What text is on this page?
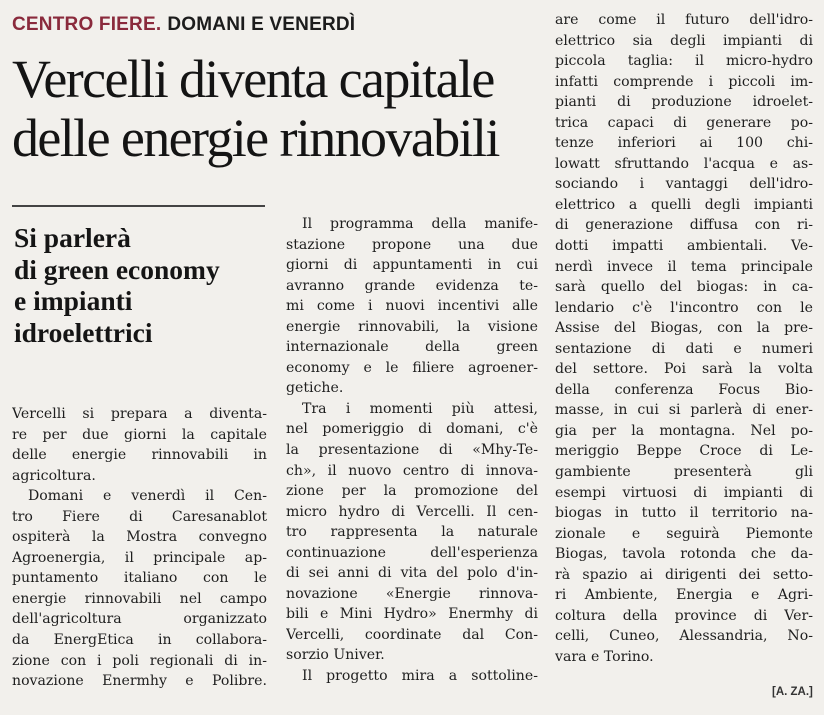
CENTRO FIERE. DOMANI E VENERDÌ
Vercelli diventa capitale
delle energie rinnovabili
Si parlerà
di green economy
e impianti
idroelettrici
Vercelli si prepara a diventa-
re per due giorni la capitale
delle energie rinnovabili in
agricoltura.
Domani e venerdì il Cen-
tro Fiere di Caresanablot
ospiterà la Mostra convegno
Agroenergia, il principale ap-
puntamento italiano con le
energie rinnovabili nel campo
dell'agricoltura organizzato
da EnergEtica in collabora-
zione con i poli regionali di in-
novazione Enermhy e Polibre.
Il programma della manife-
stazione propone una due
giorni di appuntamenti in cui
avranno grande evidenza te-
mi come i nuovi incentivi alle
energie rinnovabili, la visione
internazionale della green
economy e le filiere agroener-
getiche.
Tra i momenti più attesi,
nel pomeriggio di domani, c'è
la presentazione di «Mhy-Te-
ch», il nuovo centro di innova-
zione per la promozione del
micro hydro di Vercelli. Il cen-
tro rappresenta la naturale
continuazione dell'esperienza
di sei anni di vita del polo d'in-
novazione «Energie rinnova-
bili e Mini Hydro» Enermhy di
Vercelli, coordinate dal Con-
sorzio Univer.
Il progetto mira a sottoline-
are come il futuro dell'idro-
elettrico sia degli impianti di
piccola taglia: il micro-hydro
infatti comprende i piccoli im-
pianti di produzione idroelet-
trica capaci di generare po-
tenze inferiori ai 100 chi-
lowatt sfruttando l'acqua e as-
sociando i vantaggi dell'idro-
elettrico a quelli degli impianti
di generazione diffusa con ri-
dotti impatti ambientali. Ve-
nerdì invece il tema principale
sarà quello del biogas: in ca-
lendario c'è l'incontro con le
Assise del Biogas, con la pre-
sentazione di dati e numeri
del settore. Poi sarà la volta
della conferenza Focus Bio-
masse, in cui si parlerà di ener-
gia per la montagna. Nel po-
meriggio Beppe Croce di Le-
gambiente presenterà gli
esempi virtuosi di impianti di
biogas in tutto il territorio na-
zionale e seguirà Piemonte
Biogas, tavola rotonda che da-
rà spazio ai dirigenti dei setto-
ri Ambiente, Energia e Agri-
coltura della province di Ver-
celli, Cuneo, Alessandria, No-
vara e Torino.
[A. ZA.]
